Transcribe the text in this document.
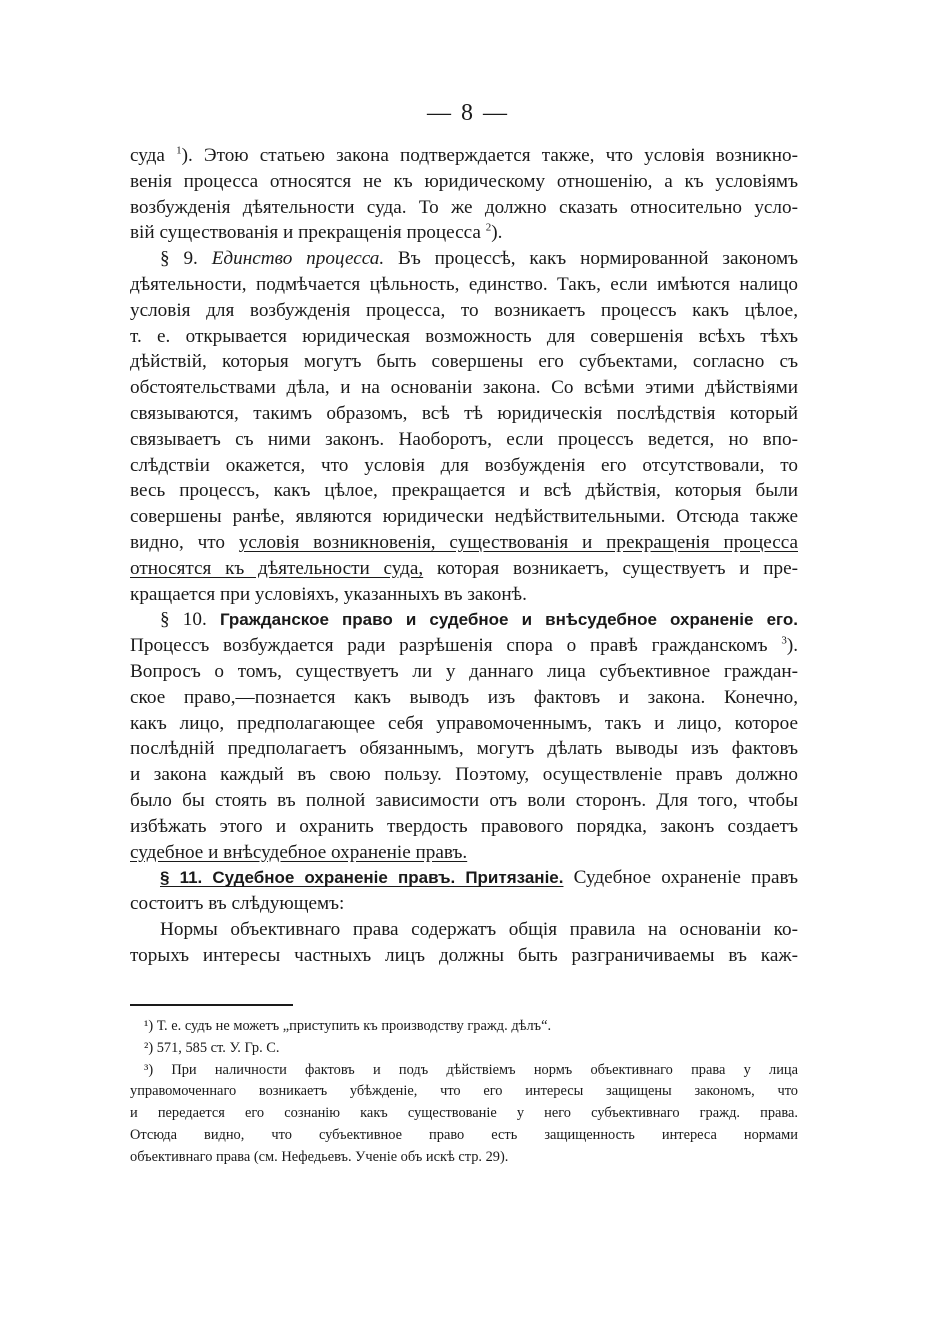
— 8 —
суда $^1$). Этою статьею закона подтверждается также, что условія возникно-
венія процесса относятся не къ юридическому отношенію, а къ условіямъ
возбужденія дѣятельности суда. То же должно сказать относительно усло-
вій существованія и прекращенія процесса $^2$).
§ 9. Единство процесса. Въ процессѣ, какъ нормированной закономъ
дѣятельности, подмѣчается цѣльность, единство. Такъ, если имѣются налицо
условія для возбужденія процесса, то возникаетъ процессъ какъ цѣлое,
т. е. открывается юридическая возможность для совершенія всѣхъ тѣхъ
дѣйствій, которыя могутъ быть совершены его субъектами, согласно съ
обстоятельствами дѣла, и на основаніи закона. Со всѣми этими дѣйствіями
связываются, такимъ образомъ, всѣ тѣ юридическія послѣдствія который
связываетъ съ ними законъ. Наоборотъ, если процессъ ведется, но впо-
слѣдствіи окажется, что условія для возбужденія его отсутствовали, то
весь процессъ, какъ цѣлое, прекращается и всѣ дѣйствія, которыя были
совершены ранѣе, являются юридически недѣйствительными. Отсюда также
видно, что условія возникновенія, существованія и прекращенія процесса
относятся къ дѣятельности суда, которая возникаетъ, существуетъ и пре-
кращается при условіяхъ, указанныхъ въ законѣ.
§ 10. Гражданское право и судебное и внѣсудебное охраненіе его.
Процессъ возбуждается ради разрѣшенія спора о правѣ гражданскомъ $^3$).
Вопросъ о томъ, существуетъ ли у даннаго лица субъективное граждан-
ское право,—познается какъ выводъ изъ фактовъ и закона. Конечно,
какъ лицо, предполагающее себя управомоченнымъ, такъ и лицо, которое
послѣдній предполагаетъ обязаннымъ, могутъ дѣлать выводы изъ фактовъ
и закона каждый въ свою пользу. Поэтому, осуществленіе правъ должно
было бы стоять въ полной зависимости отъ воли сторонъ. Для того, чтобы
избѣжать этого и охранить твердость правового порядка, законъ создаетъ
судебное и внѣсудебное охраненіе правъ.
§ 11. Судебное охраненіе правъ. Притязаніе. Судебное охраненіе правъ
состоитъ въ слѣдующемъ:
Нормы объективнаго права содержатъ общія правила на основаніи ко-
торыхъ интересы частныхъ лицъ должны быть разграничиваемы въ каж-
¹) Т. е. судъ не можетъ „приступить къ производству гражд. дѣлъ“.
²) 571, 585 ст. У. Гр. С.
³) При наличности фактовъ и подъ дѣйствіемъ нормъ объективнаго права у лица
управомоченнаго возникаетъ убѣжденіе, что его интересы защищены закономъ, что
и передается его сознанію какъ существованіе у него субъективнаго гражд. права.
Отсюда видно, что субъективное право есть защищенность интереса нормами
объективнаго права (см. Нефедьевъ. Ученіе объ искѣ стр. 29).
